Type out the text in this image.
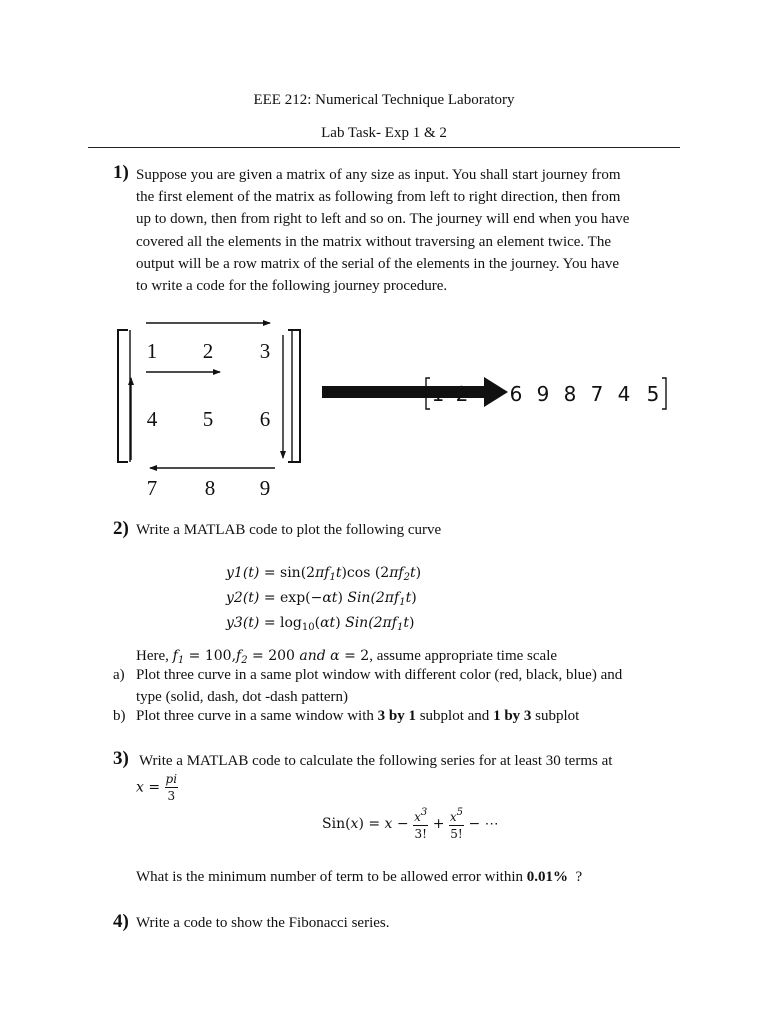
EEE 212: Numerical Technique Laboratory
Lab Task- Exp 1 & 2
1) Suppose you are given a matrix of any size as input. You shall start journey from
the first element of the matrix as following from left to right direction, then from
up to down, then from right to left and so on. The journey will end when you have
covered all the elements in the matrix without traversing an element twice. The
output will be a row matrix of the serial of the elements in the journey. You have
to write a code for the following journey procedure.
1 2 3
4 5 6
7 8 9
1 2 3 6 9 8 7 4 5
2) Write a MATLAB code to plot the following curve
$y1(t) = \sin(2\pi f_1t)\cos$ $(2\pi f_2t)$
y2(t) = exp(−αt) $Sin(2\pi f_1t)$
$y3(t) = \log_{10}(\alpha t)$ $Sin(2\pi f_1t)$
Here, $f_1 = 100,f_2 = 200$ and α = 2, assume appropriate time scale
a) Plot three curve in a same plot window with different color (red, black, blue) and
type (solid, dash, dot -dash pattern)
b) Plot three curve in a same window with 3 by 1 subplot and 1 by 3 subplot
3) Write a MATLAB code to calculate the following series for at least 30 terms at
$x = \frac{pi}{3}$
$Sin(x) = x - \frac{x^3}{3!} + \frac{x^5}{5!}$ − ⋯
What is the minimum number of term to be allowed error within 0.01%  ?
4) Write a code to show the Fibonacci series.
